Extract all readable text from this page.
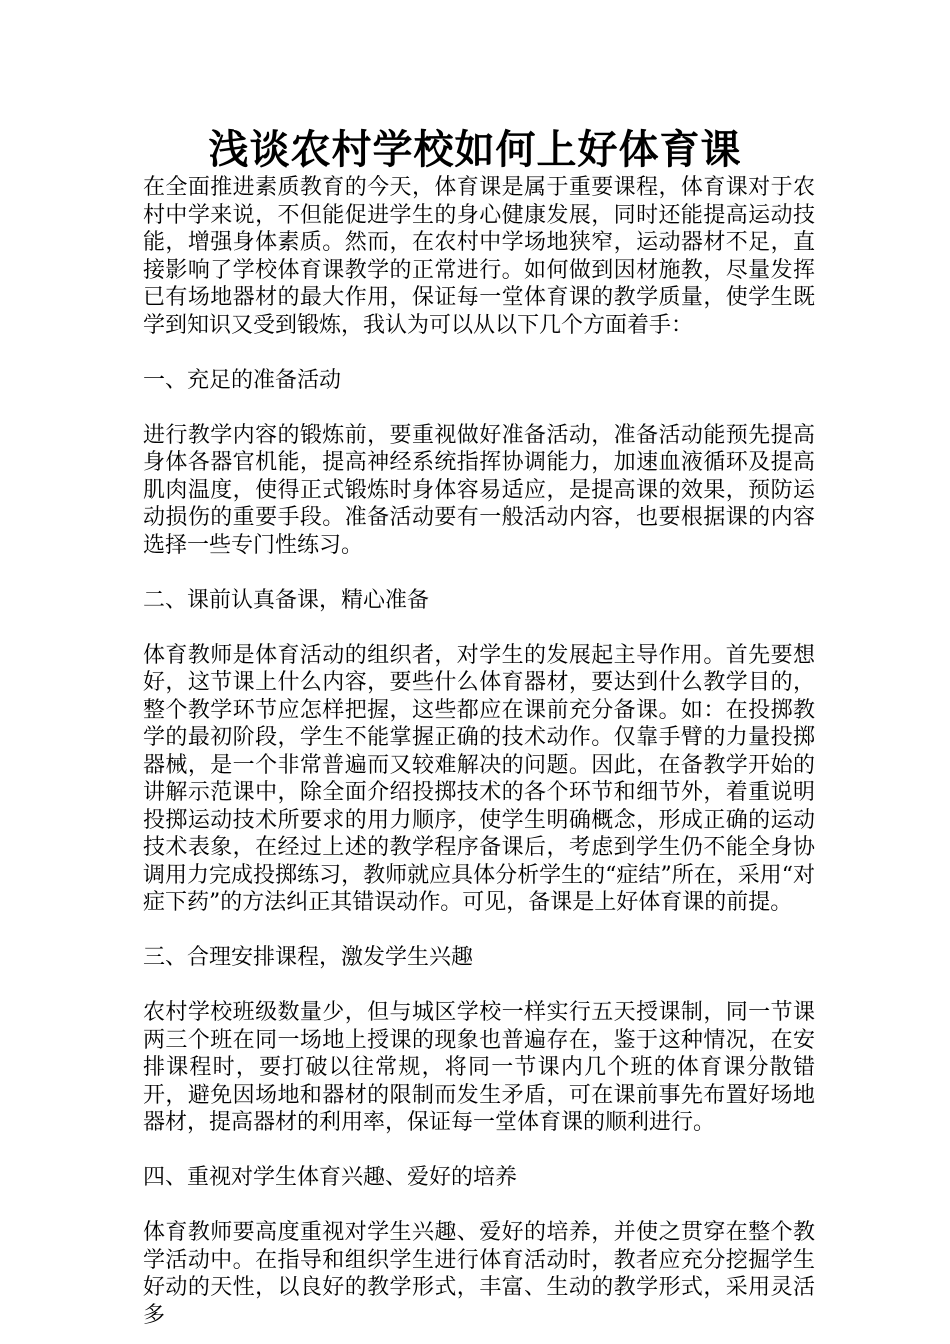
浅谈农村学校如何上好体育课

在全面推进素质教育的今天，体育课是属于重要课程，体育课对于农村中学来说，不但能促进学生的身心健康发展，同时还能提高运动技能，增强身体素质。然而，在农村中学场地狭窄，运动器材不足，直接影响了学校体育课教学的正常进行。如何做到因材施教，尽量发挥已有场地器材的最大作用，保证每一堂体育课的教学质量，使学生既学到知识又受到锻炼，我认为可以从以下几个方面着手：

一、充足的准备活动

进行教学内容的锻炼前，要重视做好准备活动，准备活动能预先提高身体各器官机能，提高神经系统指挥协调能力，加速血液循环及提高肌肉温度，使得正式锻炼时身体容易适应，是提高课的效果，预防运动损伤的重要手段。准备活动要有一般活动内容，也要根据课的内容选择一些专门性练习。

二、课前认真备课，精心准备

体育教师是体育活动的组织者，对学生的发展起主导作用。首先要想好，这节课上什么内容，要些什么体育器材，要达到什么教学目的，整个教学环节应怎样把握，这些都应在课前充分备课。如：在投掷教学的最初阶段，学生不能掌握正确的技术动作。仅靠手臂的力量投掷器械，是一个非常普遍而又较难解决的问题。因此，在备教学开始的讲解示范课中，除全面介绍投掷技术的各个环节和细节外，着重说明投掷运动技术所要求的用力顺序，使学生明确概念，形成正确的运动技术表象，在经过上述的教学程序备课后，考虑到学生仍不能全身协调用力完成投掷练习，教师就应具体分析学生的“症结”所在，采用“对症下药”的方法纠正其错误动作。可见，备课是上好体育课的前提。

三、合理安排课程，激发学生兴趣

农村学校班级数量少，但与城区学校一样实行五天授课制，同一节课两三个班在同一场地上授课的现象也普遍存在，鉴于这种情况，在安排课程时，要打破以往常规，将同一节课内几个班的体育课分散错开，避免因场地和器材的限制而发生矛盾，可在课前事先布置好场地器材，提高器材的利用率，保证每一堂体育课的顺利进行。

四、重视对学生体育兴趣、爱好的培养

体育教师要高度重视对学生兴趣、爱好的培养，并使之贯穿在整个教学活动中。在指导和组织学生进行体育活动时，教者应充分挖掘学生好动的天性，以良好的教学形式，丰富、生动的教学形式，采用灵活多
